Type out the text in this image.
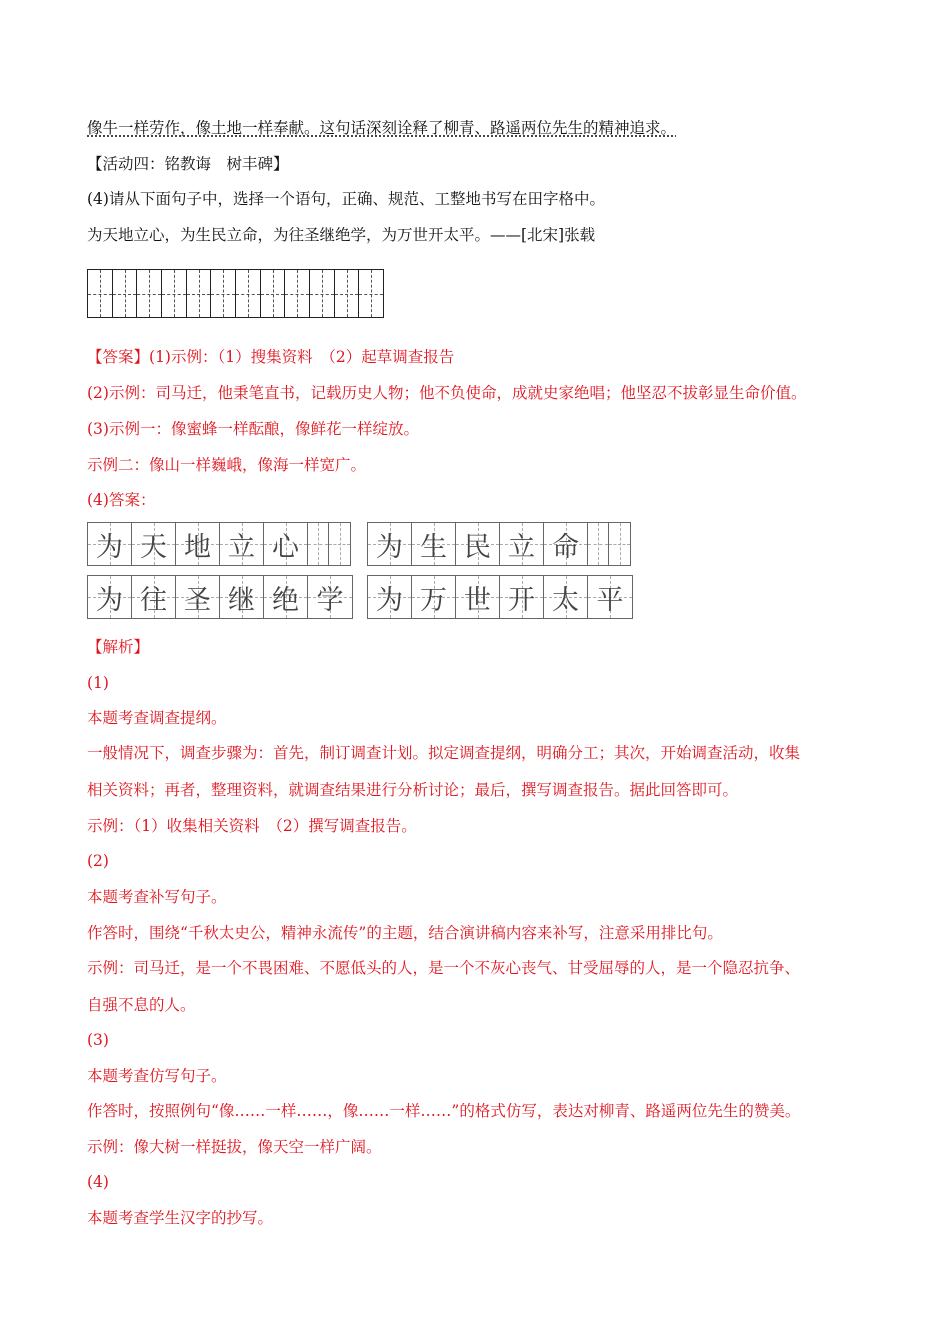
像牛一样劳作，像土地一样奉献。这句话深刻诠释了柳青、路遥两位先生的精神追求。
【活动四：铭教诲　树丰碑】
(4)请从下面句子中，选择一个语句，正确、规范、工整地书写在田字格中。
为天地立心，为生民立命，为往圣继绝学，为万世开太平。——[北宋]张载
【答案】(1)示例：（1）搜集资料　（2）起草调查报告
(2)示例：司马迁，他秉笔直书，记载历史人物；他不负使命，成就史家绝唱；他坚忍不拔彰显生命价值。
(3)示例一：像蜜蜂一样酝酿，像鲜花一样绽放。
示例二：像山一样巍峨，像海一样宽广。
(4)答案：
为 天 地 立 心	为 生 民 立 命
为 往 圣 继 绝 学 为 万 世 开 太 平
【解析】
(1)
本题考查调查提纲。
一般情况下，调查步骤为：首先，制订调查计划。拟定调查提纲，明确分工；其次，开始调查活动，收集
相关资料；再者，整理资料，就调查结果进行分析讨论；最后，撰写调查报告。据此回答即可。
示例：（1）收集相关资料　（2）撰写调查报告。
(2)
本题考查补写句子。
作答时，围绕“千秋太史公，精神永流传”的主题，结合演讲稿内容来补写，注意采用排比句。
示例：司马迁，是一个不畏困难、不愿低头的人，是一个不灰心丧气、甘受屈辱的人，是一个隐忍抗争、
自强不息的人。
(3)
本题考查仿写句子。
作答时，按照例句“像……一样……，像……一样……”的格式仿写，表达对柳青、路遥两位先生的赞美。
示例：像大树一样挺拔，像天空一样广阔。
(4)
本题考查学生汉字的抄写。
